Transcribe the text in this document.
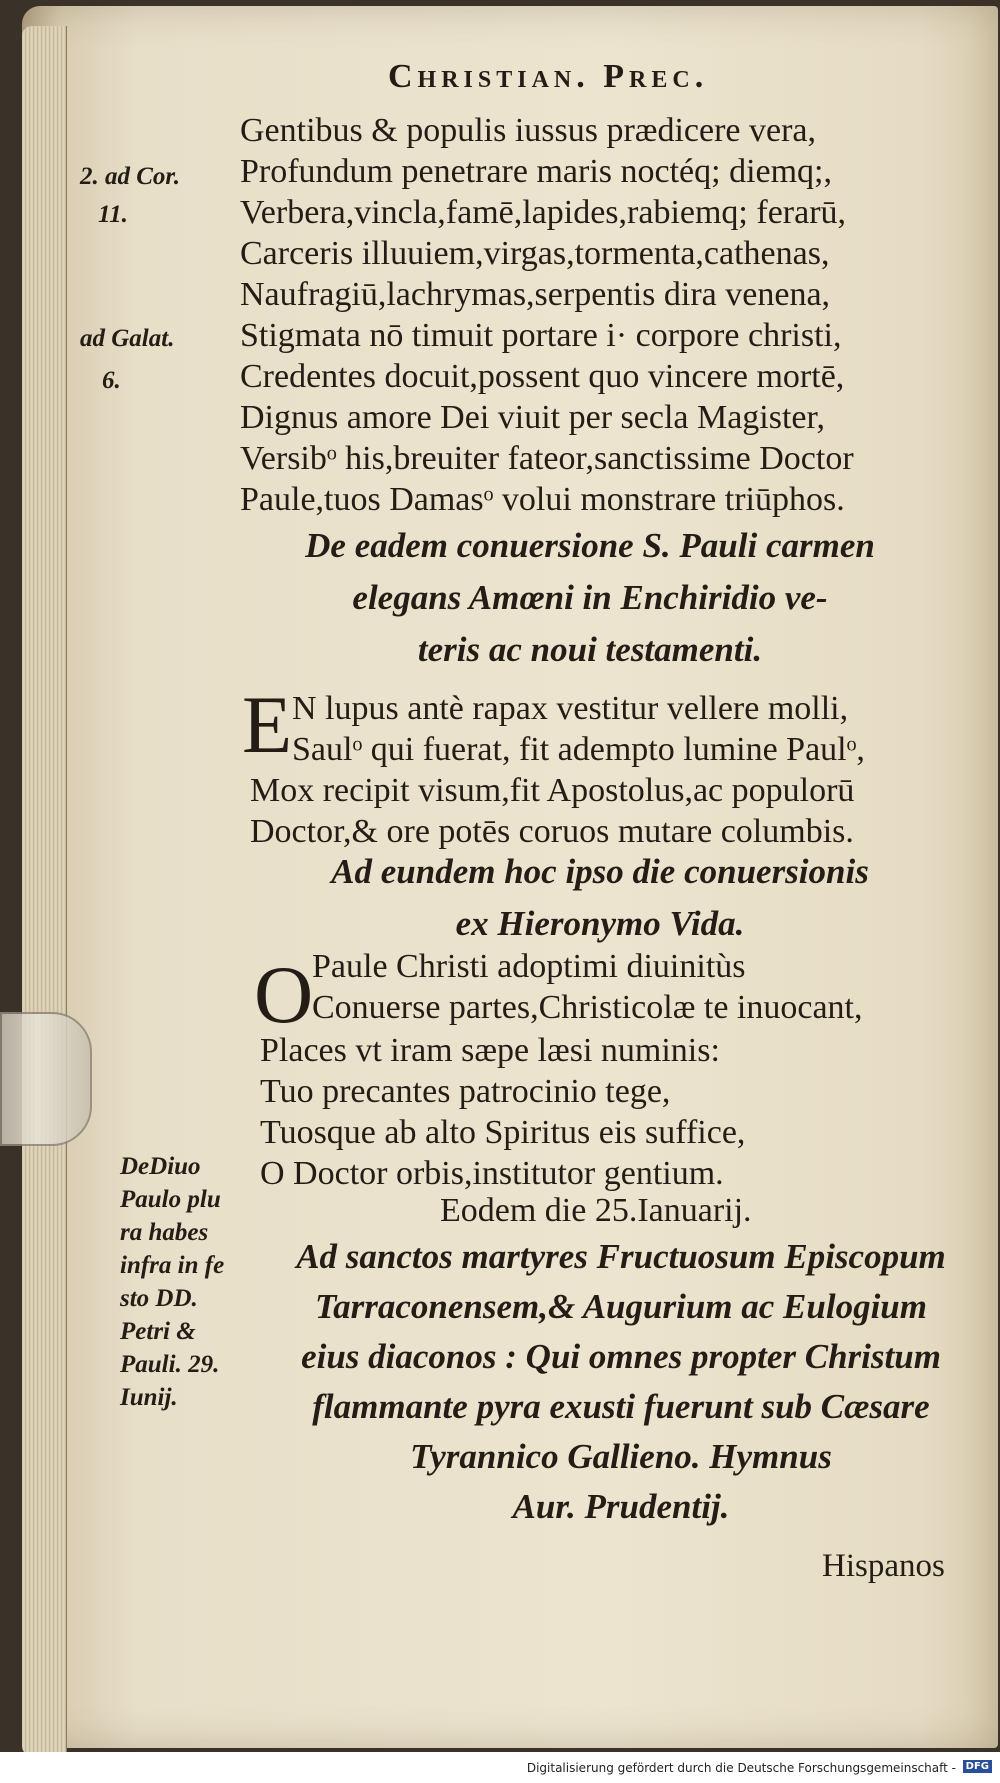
Christian. Prec.
Gentibus & populis iussus prædicere vera,
Profundum penetrare maris noctéq; diemq;,
Verbera,vincla,famē,lapides,rabiemq; ferarū,
Carceris illuuiem,virgas,tormenta,cathenas,
Naufragiū,lachrymas,serpentis dira venena,
Stigmata nō timuit portare i· corpore christi,
Credentes docuit,possent quo vincere mortē,
Dignus amore Dei viuit per secla Magister,
Versibᵒ his,breuiter fateor,sanctissime Doctor
Paule,tuos Damasᵒ volui monstrare triūphos.
2. ad Cor.
11.
ad Galat.
6.
De eadem conuersione S. Pauli carmen
elegans Amœni in Enchiridio ve-
teris ac noui testamenti.
E N lupus antè rapax vestitur vellere molli,
Saulᵒ qui fuerat, fit adempto lumine Paulᵒ,
Mox recipit visum,fit Apostolus,ac populorū
Doctor,& ore potēs coruos mutare columbis.
Ad eundem hoc ipso die conuersionis
ex Hieronymo Vida.
O
Paule Christi adoptimi diuinitùs
Conuerse partes,Christicolæ te inuocant,
Places vt iram sæpe læsi numinis:
Tuo precantes patrocinio tege,
Tuosque ab alto Spiritus eis suffice,
O Doctor orbis,institutor gentium.
Eodem die 25.Ianuarij.
DeDiuo
Paulo plu
ra habes
infra in fe
sto DD.
Petri &
Pauli. 29.
Iunij.
Ad sanctos martyres Fructuosum Episcopum
Tarraconensem,& Augurium ac Eulogium
eius diaconos : Qui omnes propter Christum
flammante pyra exusti fuerunt sub Cæsare
Tyrannico Gallieno. Hymnus
Aur. Prudentij.
Hispanos
Digitalisierung gefördert durch die Deutsche Forschungsgemeinschaft - DFG
